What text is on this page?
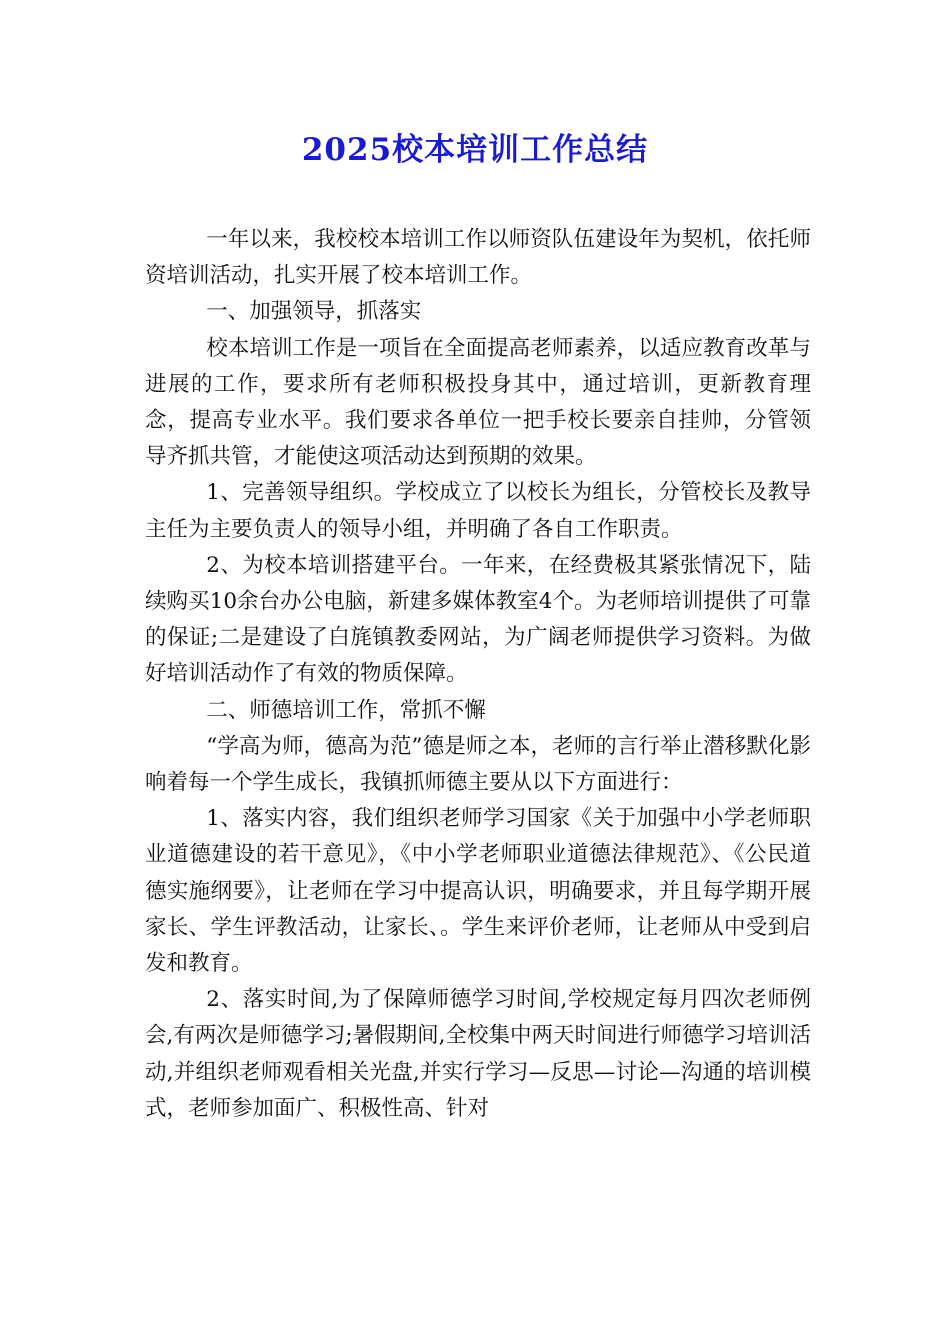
2025校本培训工作总结

一年以来，我校校本培训工作以师资队伍建设年为契机，依托师资培训活动，扎实开展了校本培训工作。

一、加强领导，抓落实

校本培训工作是一项旨在全面提高老师素养，以适应教育改革与进展的工作，要求所有老师积极投身其中，通过培训，更新教育理念，提高专业水平。我们要求各单位一把手校长要亲自挂帅，分管领导齐抓共管，才能使这项活动达到预期的效果。

1、完善领导组织。学校成立了以校长为组长，分管校长及教导主任为主要负责人的领导小组，并明确了各自工作职责。

2、为校本培训搭建平台。一年来，在经费极其紧张情况下，陆续购买10余台办公电脑，新建多媒体教室4个。为老师培训提供了可靠的保证;二是建设了白旄镇教委网站，为广阔老师提供学习资料。为做好培训活动作了有效的物质保障。

二、师德培训工作，常抓不懈

“学高为师，德高为范”德是师之本，老师的言行举止潜移默化影响着每一个学生成长，我镇抓师德主要从以下方面进行：

1、落实内容，我们组织老师学习国家《关于加强中小学老师职业道德建设的若干意见》，《中小学老师职业道德法律规范》、《公民道德实施纲要》，让老师在学习中提高认识，明确要求，并且每学期开展家长、学生评教活动，让家长、。学生来评价老师，让老师从中受到启发和教育。

2、落实时间,为了保障师德学习时间,学校规定每月四次老师例会,有两次是师德学习;暑假期间,全校集中两天时间进行师德学习培训活动,并组织老师观看相关光盘,并实行学习—反思—讨论—沟通的培训模式，老师参加面广、积极性高、针对
